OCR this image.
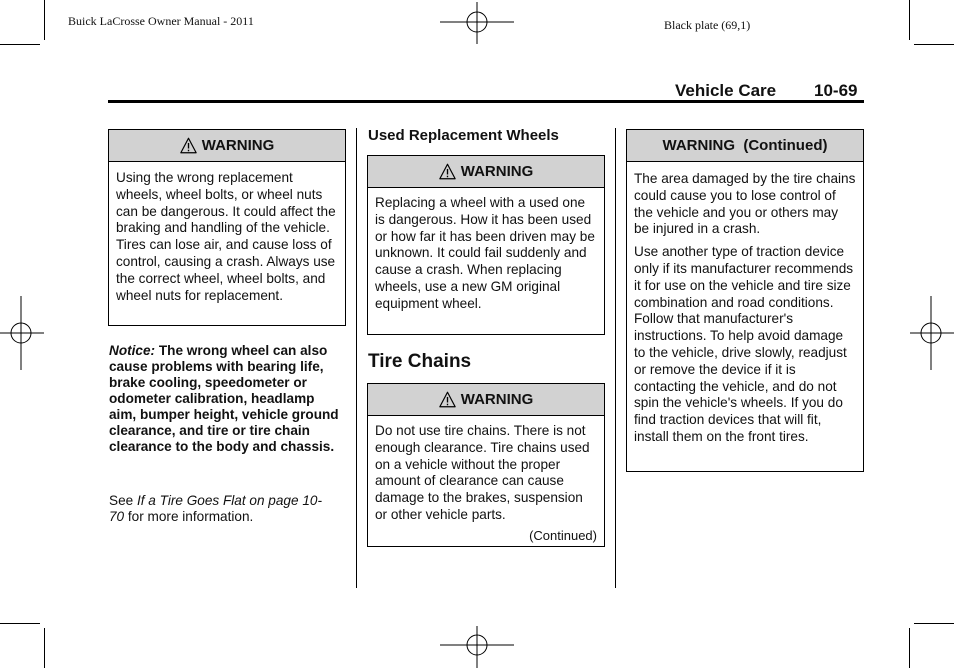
Buick LaCrosse Owner Manual - 2011	Black plate (69,1)
Vehicle Care 10-69
WARNING

Using the wrong replacement wheels, wheel bolts, or wheel nuts can be dangerous. It could affect the braking and handling of the vehicle. Tires can lose air, and cause loss of control, causing a crash. Always use the correct wheel, wheel bolts, and wheel nuts for replacement.

Notice: The wrong wheel can also cause problems with bearing life, brake cooling, speedometer or odometer calibration, headlamp aim, bumper height, vehicle ground clearance, and tire or tire chain clearance to the body and chassis.
See If a Tire Goes Flat on page 10-70 for more information.
Used Replacement Wheels
WARNING

Replacing a wheel with a used one is dangerous. How it has been used or how far it has been driven may be unknown. It could fail suddenly and cause a crash. When replacing wheels, use a new GM original equipment wheel.

Tire Chains
WARNING

Do not use tire chains. There is not enough clearance. Tire chains used on a vehicle without the proper amount of clearance can cause damage to the brakes, suspension or other vehicle parts.

(Continued)
WARNING  (Continued)

The area damaged by the tire chains could cause you to lose control of the vehicle and you or others may be injured in a crash.

Use another type of traction device only if its manufacturer recommends it for use on the vehicle and tire size combination and road conditions. Follow that manufacturer's instructions. To help avoid damage to the vehicle, drive slowly, readjust or remove the device if it is contacting the vehicle, and do not spin the vehicle's wheels. If you do find traction devices that will fit, install them on the front tires.
